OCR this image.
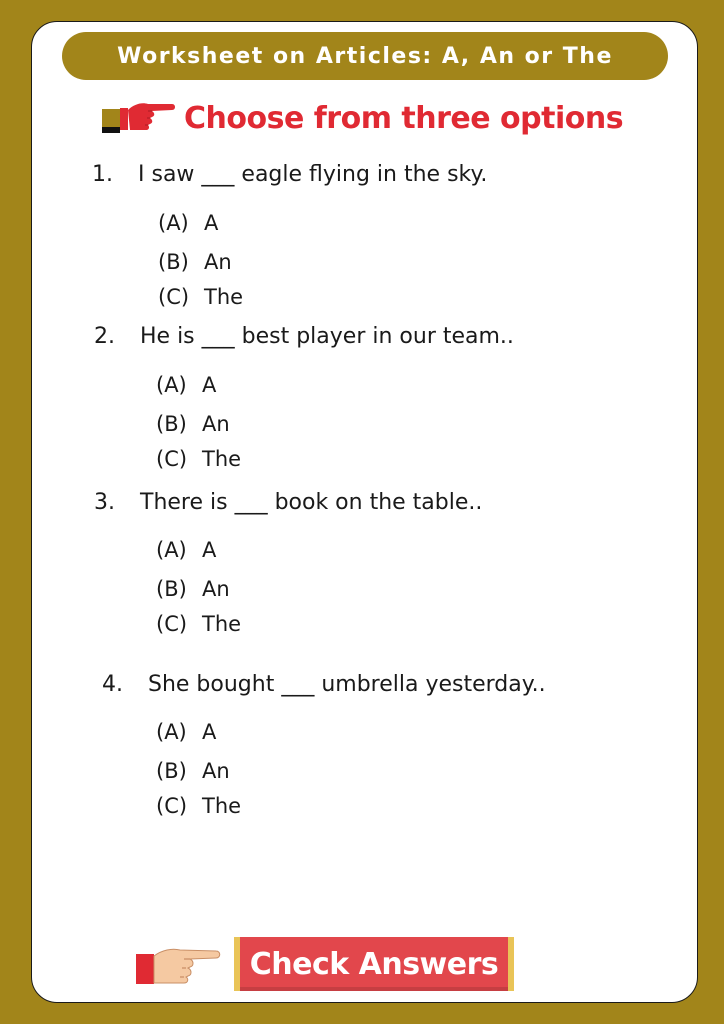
Worksheet on Articles: A, An or The
Choose from three options
1. I saw ___ eagle flying in the sky.
(A) A
(B) An
(C) The
2. He is ___ best player in our team..
(A) A
(B) An
(C) The
3. There is ___ book on the table..
(A) A
(B) An
(C) The
4. She bought ___ umbrella yesterday..
(A) A
(B) An
(C) The
Check Answers
